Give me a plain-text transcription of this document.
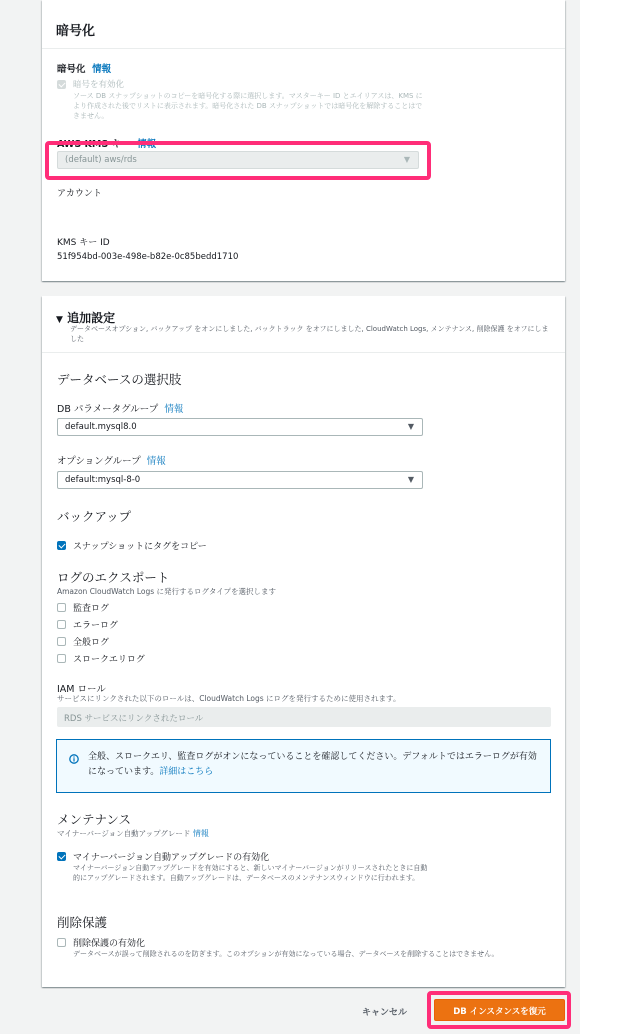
暗号化
暗号化 情報
暗号を有効化
ソース DB スナップショットのコピーを暗号化する際に選択します。マスターキー ID とエイリアスは、KMS により作成された後でリストに表示されます。暗号化された DB スナップショットでは暗号化を解除することはできません。
AWS KMS キー 情報
(default) aws/rds	▼
アカウント
KMS キー ID
51f954bd-003e-498e-b82e-0c85bedd1710
▼ 追加設定
データベースオプション, バックアップ をオンにしました, バックトラック をオフにしました, CloudWatch Logs, メンテナンス, 削除保護 をオフにしました
データベースの選択肢
DB パラメータグループ 情報
default.mysql8.0	▼
オプショングループ 情報
default:mysql-8-0	▼
バックアップ
スナップショットにタグをコピー
ログのエクスポート
Amazon CloudWatch Logs に発行するログタイプを選択します
監査ログ
エラーログ
全般ログ
スロークエリログ
IAM ロール
サービスにリンクされた以下のロールは、CloudWatch Logs にログを発行するために使用されます。
RDS サービスにリンクされたロール
全般、スロークエリ、監査ログがオンになっていることを確認してください。デフォルトではエラーログが有効になっています。詳細はこちら
メンテナンス
マイナーバージョン自動アップグレード 情報
マイナーバージョン自動アップグレードの有効化
マイナーバージョン自動アップグレードを有効にすると、新しいマイナーバージョンがリリースされたときに自動的にアップグレードされます。自動アップグレードは、データベースのメンテナンスウィンドウに行われます。
削除保護
削除保護の有効化
データベースが誤って削除されるのを防ぎます。このオプションが有効になっている場合、データベースを削除することはできません。
キャンセル	DB インスタンスを復元
